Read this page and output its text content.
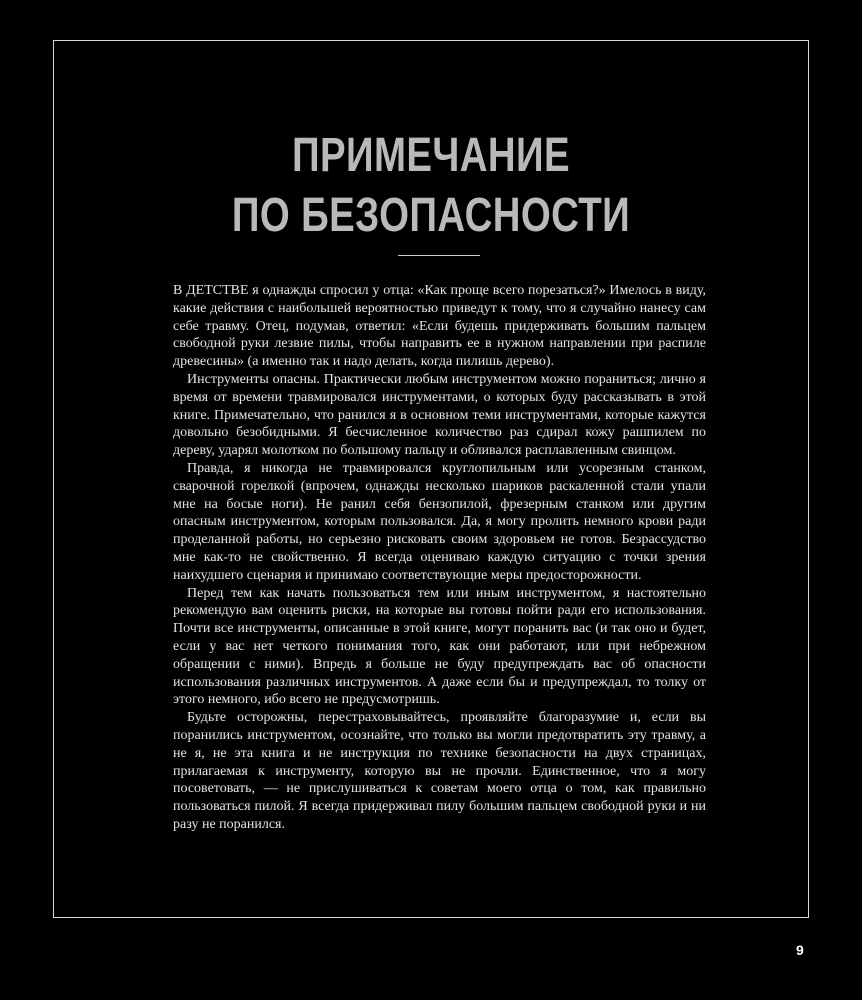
ПРИМЕЧАНИЕ
ПО БЕЗОПАСНОСТИ

В ДЕТСТВЕ я однажды спросил у отца: «Как проще всего порезаться?» Имелось в виду, какие действия с наибольшей вероятностью приведут к тому, что я случайно нанесу сам себе травму. Отец, подумав, ответил: «Если будешь придерживать большим пальцем свободной руки лезвие пилы, чтобы направить ее в нужном направлении при распиле древесины» (а именно так и надо делать, когда пилишь дерево).

Инструменты опасны. Практически любым инструментом можно пораниться; лично я время от времени травмировался инструментами, о которых буду рассказывать в этой книге. Примечательно, что ранился я в основном теми инструментами, которые кажутся довольно безобидными. Я бесчисленное количество раз сдирал кожу рашпилем по дереву, ударял молотком по большому пальцу и обливался расплавленным свинцом.

Правда, я никогда не травмировался круглопильным или усорезным станком, сварочной горелкой (впрочем, однажды несколько шариков раскаленной стали упали мне на босые ноги). Не ранил себя бензопилой, фрезерным станком или другим опасным инструментом, которым пользовался. Да, я могу пролить немного крови ради проделанной работы, но серьезно рисковать своим здоровьем не готов. Безрассудство мне как-то не свойственно. Я всегда оцениваю каждую ситуацию с точки зрения наихудшего сценария и принимаю соответствующие меры предосторожности.

Перед тем как начать пользоваться тем или иным инструментом, я настоятельно рекомендую вам оценить риски, на которые вы готовы пойти ради его использования. Почти все инструменты, описанные в этой книге, могут поранить вас (и так оно и будет, если у вас нет четкого понимания того, как они работают, или при небрежном обращении с ними). Впредь я больше не буду предупреждать вас об опасности использования различных инструментов. А даже если бы и предупреждал, то толку от этого немного, ибо всего не предусмотришь.

Будьте осторожны, перестраховывайтесь, проявляйте благоразумие и, если вы поранились инструментом, осознайте, что только вы могли предотвратить эту травму, а не я, не эта книга и не инструкция по технике безопасности на двух страницах, прилагаемая к инструменту, которую вы не прочли. Единственное, что я могу посоветовать, — не прислушиваться к советам моего отца о том, как правильно пользоваться пилой. Я всегда придерживал пилу большим пальцем свободной руки и ни разу не поранился.

9
